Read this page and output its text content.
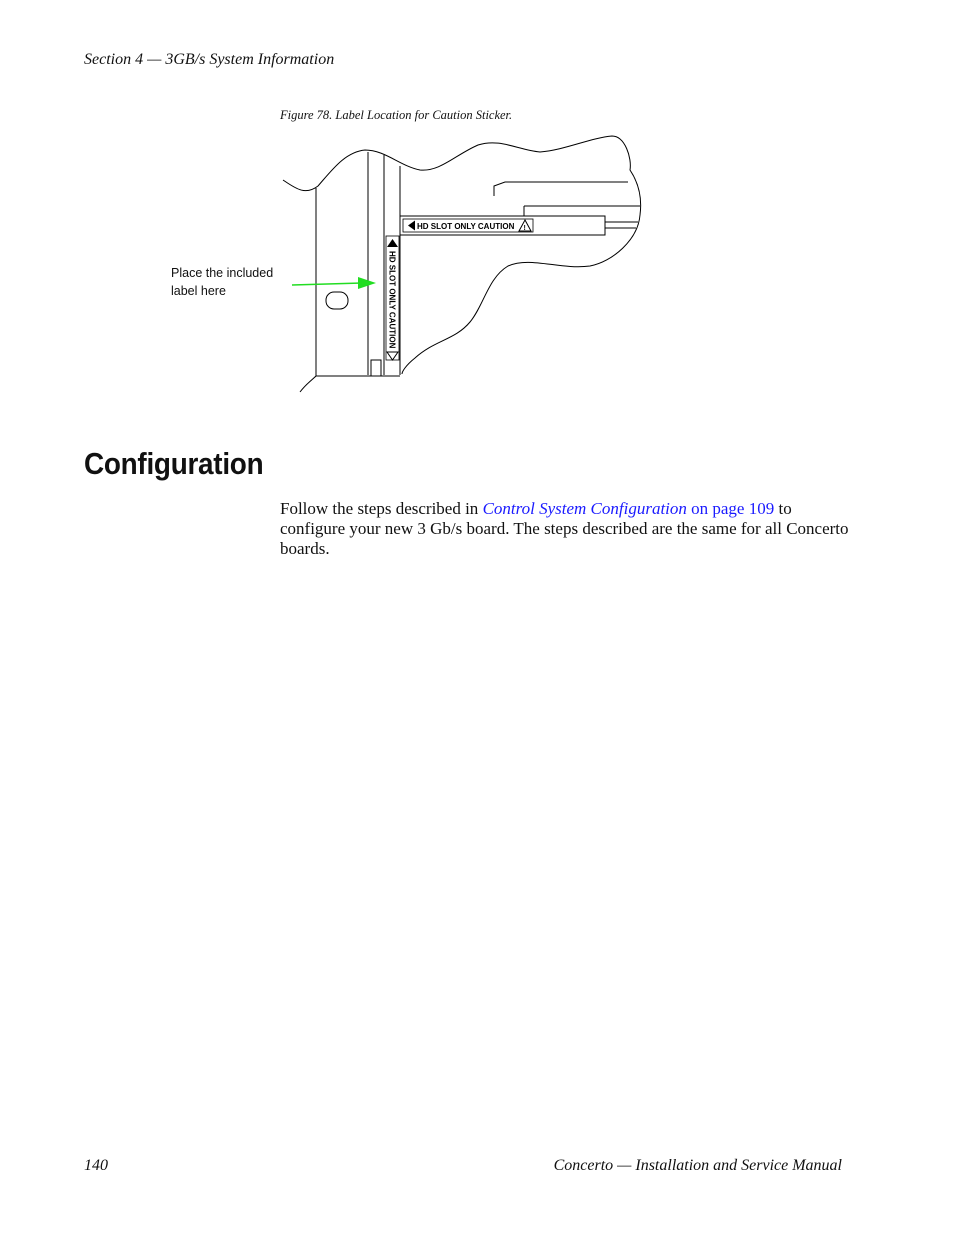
Section 4 — 3GB/s System Information
Figure 78. Label Location for Caution Sticker.
HD SLOT ONLY CAUTION !
HD SLOT ONLY CAUTION
Place the included
label here
Configuration

Follow the steps described in Control System Configuration on page 109 to configure your new 3 Gb/s board. The steps described are the same for all Concerto boards.

140	Concerto — Installation and Service Manual
